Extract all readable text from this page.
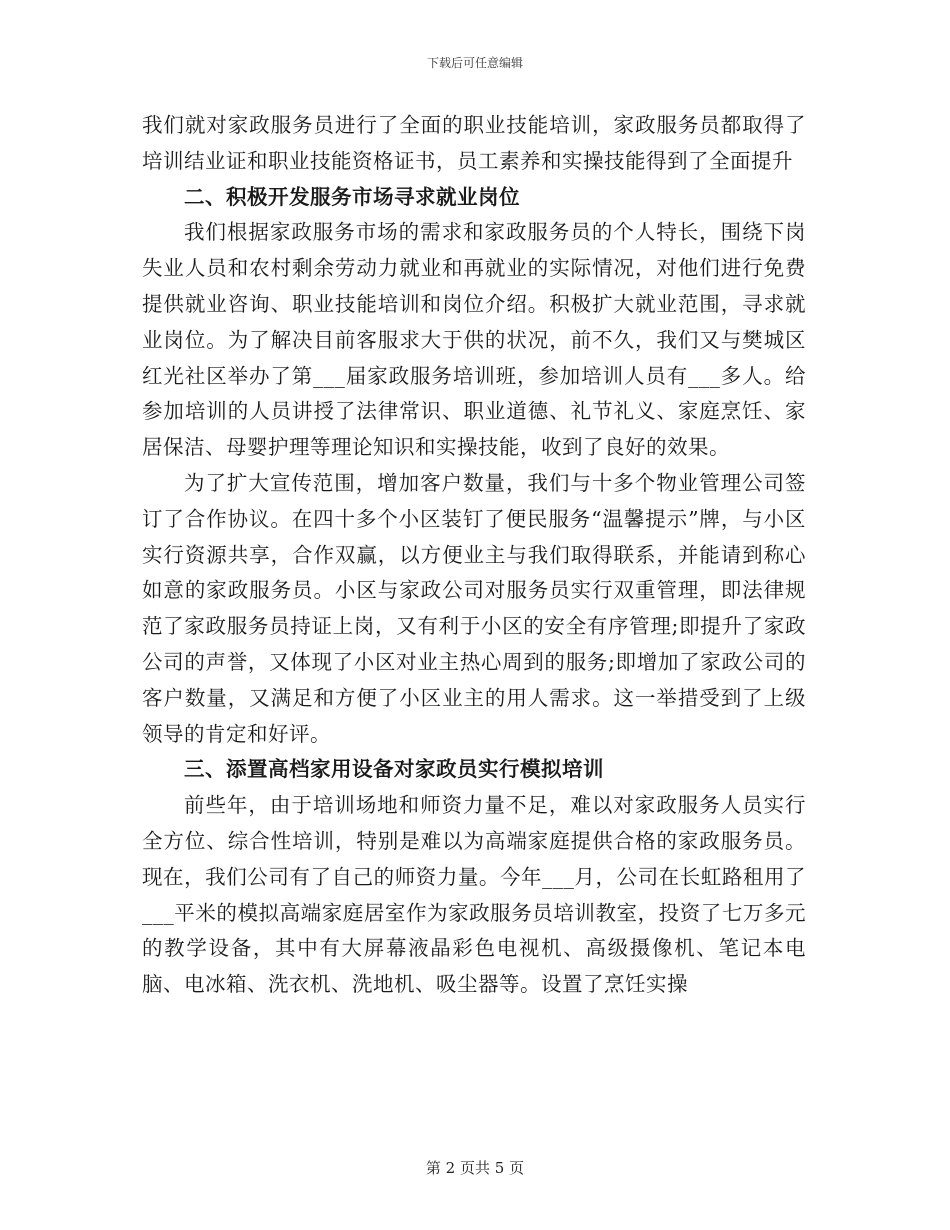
下载后可任意编辑

我们就对家政服务员进行了全面的职业技能培训，家政服务员都取得了培训结业证和职业技能资格证书，员工素养和实操技能得到了全面提升

二、积极开发服务市场寻求就业岗位

我们根据家政服务市场的需求和家政服务员的个人特长，围绕下岗失业人员和农村剩余劳动力就业和再就业的实际情况，对他们进行免费提供就业咨询、职业技能培训和岗位介绍。积极扩大就业范围，寻求就业岗位。为了解决目前客服求大于供的状况，前不久，我们又与樊城区红光社区举办了第___届家政服务培训班，参加培训人员有___多人。给参加培训的人员讲授了法律常识、职业道德、礼节礼义、家庭烹饪、家居保洁、母婴护理等理论知识和实操技能，收到了良好的效果。

为了扩大宣传范围，增加客户数量，我们与十多个物业管理公司签订了合作协议。在四十多个小区装钉了便民服务“温馨提示”牌，与小区实行资源共享，合作双赢，以方便业主与我们取得联系，并能请到称心如意的家政服务员。小区与家政公司对服务员实行双重管理，即法律规范了家政服务员持证上岗，又有利于小区的安全有序管理;即提升了家政公司的声誉，又体现了小区对业主热心周到的服务;即增加了家政公司的客户数量，又满足和方便了小区业主的用人需求。这一举措受到了上级领导的肯定和好评。

三、添置高档家用设备对家政员实行模拟培训

前些年，由于培训场地和师资力量不足，难以对家政服务人员实行全方位、综合性培训，特别是难以为高端家庭提供合格的家政服务员。现在，我们公司有了自己的师资力量。今年___月，公司在长虹路租用了___平米的模拟高端家庭居室作为家政服务员培训教室，投资了七万多元的教学设备，其中有大屏幕液晶彩色电视机、高级摄像机、笔记本电脑、电冰箱、洗衣机、洗地机、吸尘器等。设置了烹饪实操

第 2 页共 5 页
